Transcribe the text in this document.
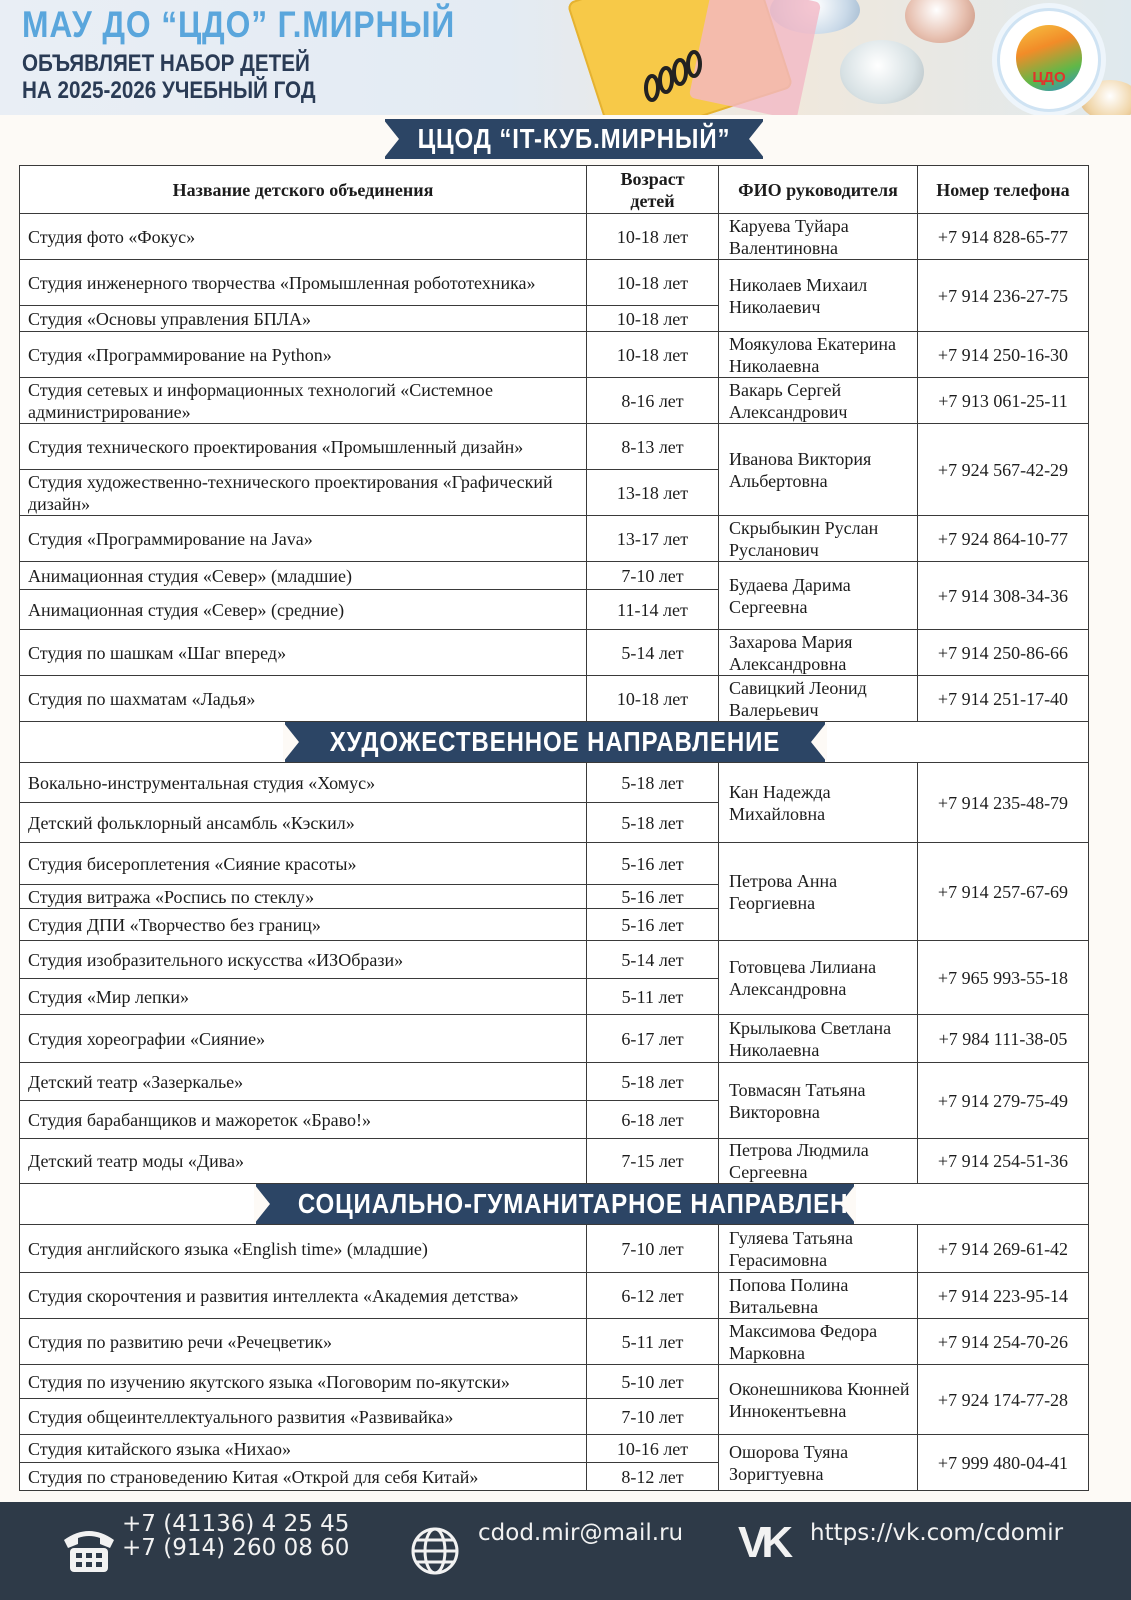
МАУ ДО “ЦДО” Г.МИРНЫЙ
ОБЪЯВЛЯЕТ НАБОР ДЕТЕЙ
НА 2025-2026 УЧЕБНЫЙ ГОД	ЦДО
ЦЦОД “IT-КУБ.МИРНЫЙ”
Название детского объединения	Возраст детей	ФИО руководителя	Номер телефона
Студия фото «Фокус»	10-18 лет	Каруева Туйара Валентиновна	+7 914 828-65-77
Студия инженерного творчества «Промышленная робототехника»	10-18 лет	Николаев Михаил Николаевич	+7 914 236-27-75
Студия «Основы управления БПЛА»	10-18 лет		
Студия «Программирование на Python»	10-18 лет	Моякулова Екатерина Николаевна	+7 914 250-16-30
Студия сетевых и информационных технологий «Системное администрирование»	8-16 лет	Вакарь Сергей Александрович	+7 913 061-25-11
Студия технического проектирования «Промышленный дизайн»	8-13 лет	Иванова Виктория Альбертовна	+7 924 567-42-29
Студия художественно-технического проектирования «Графический дизайн»	13-18 лет		
Студия «Программирование на Java»	13-17 лет	Скрыбыкин Руслан Русланович	+7 924 864-10-77
Анимационная студия «Север» (младшие)	7-10 лет	Будаева Дарима Сергеевна	+7 914 308-34-36
Анимационная студия «Север» (средние)	11-14 лет		
Студия по шашкам «Шаг вперед»	5-14 лет	Захарова Мария Александровна	+7 914 250-86-66
Студия по шахматам «Ладья»	10-18 лет	Савицкий Леонид Валерьевич	+7 914 251-17-40

ХУДОЖЕСТВЕННОЕ НАПРАВЛЕНИЕ			

Вокально-инструментальная студия «Хомус»	5-18 лет	Кан Надежда Михайловна	+7 914 235-48-79
Детский фольклорный ансамбль «Кэскил»	5-18 лет		
Студия бисероплетения «Сияние красоты»	5-16 лет	Петрова Анна Георгиевна	+7 914 257-67-69
Студия витража «Роспись по стеклу»	5-16 лет		
Студия ДПИ «Творчество без границ»	5-16 лет		
Студия изобразительного искусства «ИЗОбрази»	5-14 лет	Готовцева Лилиана Александровна	+7 965 993-55-18
Студия «Мир лепки»	5-11 лет		
Студия хореографии «Сияние»	6-17 лет	Крылыкова Светлана Николаевна	+7 984 111-38-05
Детский театр «Зазеркалье»	5-18 лет	Товмасян Татьяна Викторовна	+7 914 279-75-49
Студия барабанщиков и мажореток «Браво!»	6-18 лет		
Детский театр моды «Дива»	7-15 лет	Петрова Людмила Сергеевна	+7 914 254-51-36

СОЦИАЛЬНО-ГУМАНИТАРНОЕ НАПРАВЛЕНИЕ			

Студия английского языка «English time» (младшие)	7-10 лет	Гуляева Татьяна Герасимовна	+7 914 269-61-42
Студия скорочтения и развития интеллекта «Академия детства»	6-12 лет	Попова Полина Витальевна	+7 914 223-95-14
Студия по развитию речи «Речецветик»	5-11 лет	Максимова Федора Марковна	+7 914 254-70-26
Студия по изучению якутского языка «Поговорим по-якутски»	5-10 лет	Оконешникова Кюнней Иннокентьевна	+7 924 174-77-28
Студия общеинтеллектуального развития «Развивайка»	7-10 лет		
Студия китайского языка «Нихао»	10-16 лет	Ошорова Туяна Зоригтуевна	+7 999 480-04-41
Студия по страноведению Китая «Открой для себя Китай»	8-12 лет		
+7 (41136) 4 25 45
+7 (914) 260 08 60
cdod.mir@mail.ru VK https://vk.com/cdomir
